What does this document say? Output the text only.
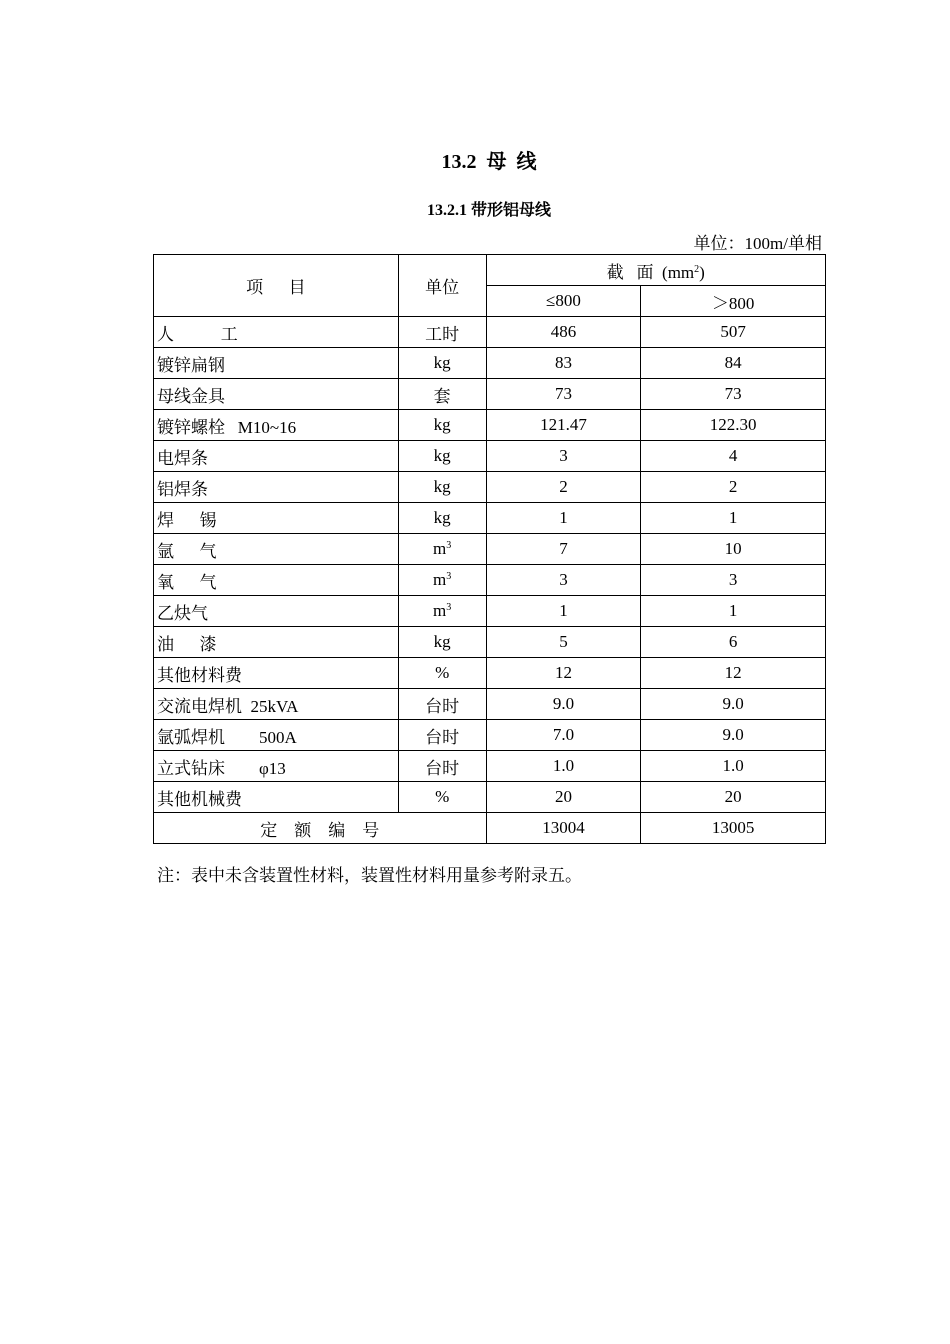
13.2  母  线
13.2.1 带形铝母线
单位：100m/单相
项      目	单位	截   面  $(mm^2)$	
		≤800	＞800
人           工	工时	486	507
镀锌扁钢	kg	83	84
母线金具	套	73	73
镀锌螺栓   M10~16	kg	121.47	122.30
电焊条	kg	3	4
铝焊条	kg	2	2
焊      锡	kg	1	1
氩      气	$m^3$	7	10
氧      气	$m^3$	3	3
乙炔气	$m^3$	1	1
油      漆	kg	5	6
其他材料费	%	12	12
交流电焊机  25kVA	台时	9.0	9.0
氩弧焊机        500A	台时	7.0	9.0
立式钻床        φ13	台时	1.0	1.0
其他机械费	%	20	20
定    额    编    号		13004	13005
注：表中未含装置性材料，装置性材料用量参考附录五。
